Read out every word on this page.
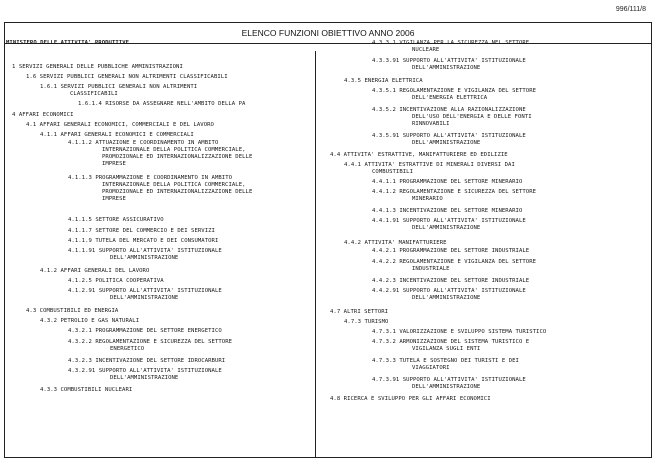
996/111/8
ELENCO FUNZIONI OBIETTIVO ANNO 2006
MINISTERO DELLE ATTIVITA' PRODUTTIVE
1 SERVIZI GENERALI DELLE PUBBLICHE AMMINISTRAZIONI
1.6 SERVIZI PUBBLICI GENERALI NON ALTRIMENTI CLASSIFICABILI
1.6.1 SERVIZI PUBBLICI GENERALI NON ALTRIMENTI
CLASSIFICABILI
1.6.1.4 RISORSE DA ASSEGNARE NELL'AMBITO DELLA PA
4 AFFARI ECONOMICI
4.1 AFFARI GENERALI ECONOMICI, COMMERCIALI E DEL LAVORO
4.1.1 AFFARI GENERALI ECONOMICI E COMMERCIALI
4.1.1.2 ATTUAZIONE E COORDINAMENTO IN AMBITO
INTERNAZIONALE DELLA POLITICA COMMERCIALE,
PROMOZIONALE ED INTERNAZIONALIZZAZIONE DELLE
IMPRESE
4.1.1.3 PROGRAMMAZIONE E COORDINAMENTO IN AMBITO
INTERNAZIONALE DELLA POLITICA COMMERCIALE,
PROMOZIONALE ED INTERNAZIONALIZZAZIONE DELLE
IMPRESE
4.1.1.5 SETTORE ASSICURATIVO
4.1.1.7 SETTORE DEL COMMERCIO E DEI SERVIZI
4.1.1.9 TUTELA DEL MERCATO E DEI CONSUMATORI
4.1.1.91 SUPPORTO ALL'ATTIVITA' ISTITUZIONALE
DELL'AMMINISTRAZIONE
4.1.2 AFFARI GENERALI DEL LAVORO
4.1.2.5 POLITICA COOPERATIVA
4.1.2.91 SUPPORTO ALL'ATTIVITA' ISTITUZIONALE
DELL'AMMINISTRAZIONE
4.3 COMBUSTIBILI ED ENERGIA
4.3.2 PETROLIO E GAS NATURALI
4.3.2.1 PROGRAMMAZIONE DEL SETTORE ENERGETICO
4.3.2.2 REGOLAMENTAZIONE E SICUREZZA DEL SETTORE
ENERGETICO
4.3.2.3 INCENTIVAZIONE DEL SETTORE IDROCARBURI
4.3.2.91 SUPPORTO ALL'ATTIVITA' ISTITUZIONALE
DELL'AMMINISTRAZIONE
4.3.3 COMBUSTIBILI NUCLEARI
4.3.3.1 VIGILANZA PER LA SICUREZZA NEL SETTORE
NUCLEARE
4.3.3.91 SUPPORTO ALL'ATTIVITA' ISTITUZIONALE
DELL'AMMINISTRAZIONE
4.3.5 ENERGIA ELETTRICA
4.3.5.1 REGOLAMENTAZIONE E VIGILANZA DEL SETTORE
DELL'ENERGIA ELETTRICA
4.3.5.2 INCENTIVAZIONE ALLA RAZIONALIZZAZIONE
DELL'USO DELL'ENERGIA E DELLE FONTI
RINNOVABILI
4.3.5.91 SUPPORTO ALL'ATTIVITA' ISTITUZIONALE
DELL'AMMINISTRAZIONE
4.4 ATTIVITA' ESTRATTIVE, MANIFATTURIERE ED EDILIZIE
4.4.1 ATTIVITA' ESTRATTIVE DI MINERALI DIVERSI DAI
COMBUSTIBILI
4.4.1.1 PROGRAMMAZIONE DEL SETTORE MINERARIO
4.4.1.2 REGOLAMENTAZIONE E SICUREZZA DEL SETTORE
MINERARIO
4.4.1.3 INCENTIVAZIONE DEL SETTORE MINERARIO
4.4.1.91 SUPPORTO ALL'ATTIVITA' ISTITUZIONALE
DELL'AMMINISTRAZIONE
4.4.2 ATTIVITA' MANIFATTURIERE
4.4.2.1 PROGRAMMAZIONE DEL SETTORE INDUSTRIALE
4.4.2.2 REGOLAMENTAZIONE E VIGILANZA DEL SETTORE
INDUSTRIALE
4.4.2.3 INCENTIVAZIONE DEL SETTORE INDUSTRIALE
4.4.2.91 SUPPORTO ALL'ATTIVITA' ISTITUZIONALE
DELL'AMMINISTRAZIONE
4.7 ALTRI SETTORI
4.7.3 TURISMO
4.7.3.1 VALORIZZAZIONE E SVILUPPO SISTEMA TURISTICO
4.7.3.2 ARMONIZZAZIONE DEL SISTEMA TURISTICO E
VIGILANZA SUGLI ENTI
4.7.3.3 TUTELA E SOSTEGNO DEI TURISTI E DEI
VIAGGIATORI
4.7.3.91 SUPPORTO ALL'ATTIVITA' ISTITUZIONALE
DELL'AMMINISTRAZIONE
4.8 RICERCA E SVILUPPO PER GLI AFFARI ECONOMICI
